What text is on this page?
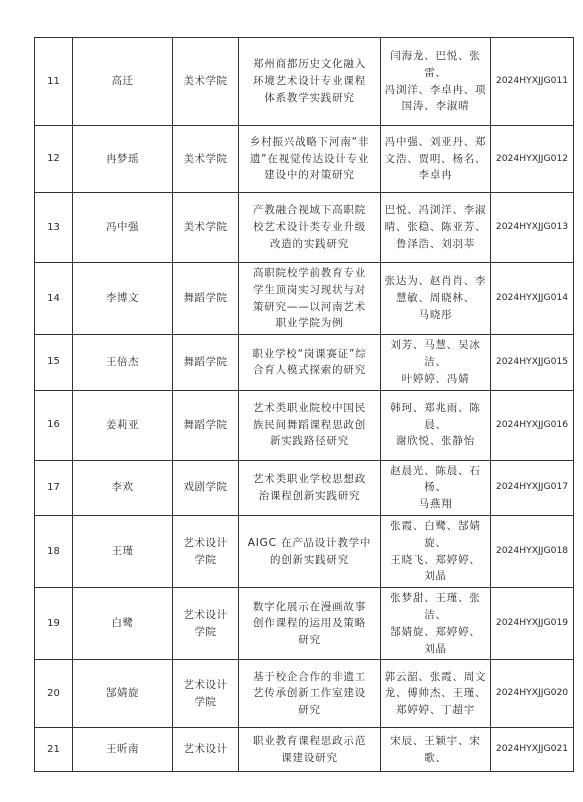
11	高迁	美术学院	郑州商都历史文化融入
环境艺术设计专业课程
体系教学实践研究	闫海龙、巴悦、张雷、
冯浏洋、李卓冉、项
国涛、李淑晴	2024HYXJJG011
12	冉梦瑶	美术学院	乡村振兴战略下河南“非
遗”在视觉传达设计专业
建设中的对策研究	冯中强、刘亚丹、郑
文浩、贾明、杨名、
李卓冉	2024HYXJJG012
13	冯中强	美术学院	产教融合视域下高职院
校艺术设计类专业升级
改造的实践研究	巴悦、冯浏洋、李淑
晴、张稳、陈亚芳、
鲁泽浩、刘羽莘	2024HYXJJG013
14	李博文	舞蹈学院	高职院校学前教育专业
学生顶岗实习现状与对
策研究——以河南艺术
职业学院为例	张达为、赵肖肖、李
慧敏、周晓林、
马晓彤	2024HYXJJG014
15	王倍杰	舞蹈学院	职业学校“岗课赛证”综
合育人模式探索的研究	刘芳、马慧、吴冰洁、
叶婷婷、冯婧	2024HYXJJG015
16	姜莉亚	舞蹈学院	艺术类职业院校中国民
族民间舞蹈课程思政创
新实践路径研究	韩珂、郑兆雨、陈晨、
谢欣悦、张静怡	2024HYXJJG016
17	李欢	戏剧学院	艺术类职业学校思想政
治课程创新实践研究	赵晨光、陈晨、石杨、
马燕翔	2024HYXJJG017
18	王瑾	艺术设计
学院	AIGC 在产品设计教学中
的创新实践研究	张霞、白鹭、郜婧旋、
王晓飞、郑婷婷、
刘晶	2024HYXJJG018
19	白鹭	艺术设计
学院	数字化展示在漫画故事
创作课程的运用及策略
研究	张梦甜、王瑾、张洁、
郜婧旋、郑婷婷、
刘晶	2024HYXJJG019
20	郜婧旋	艺术设计
学院	基于校企合作的非遗工
艺传承创新工作室建设
研究	郭云韶、张霞、周文
龙、傅帅杰、王瑾、
郑婷婷、丁超宇	2024HYXJJG020
21	王昕南	艺术设计	职业教育课程思政示范
课建设研究	宋辰、王颖宇、宋歌、	2024HYXJJG021
